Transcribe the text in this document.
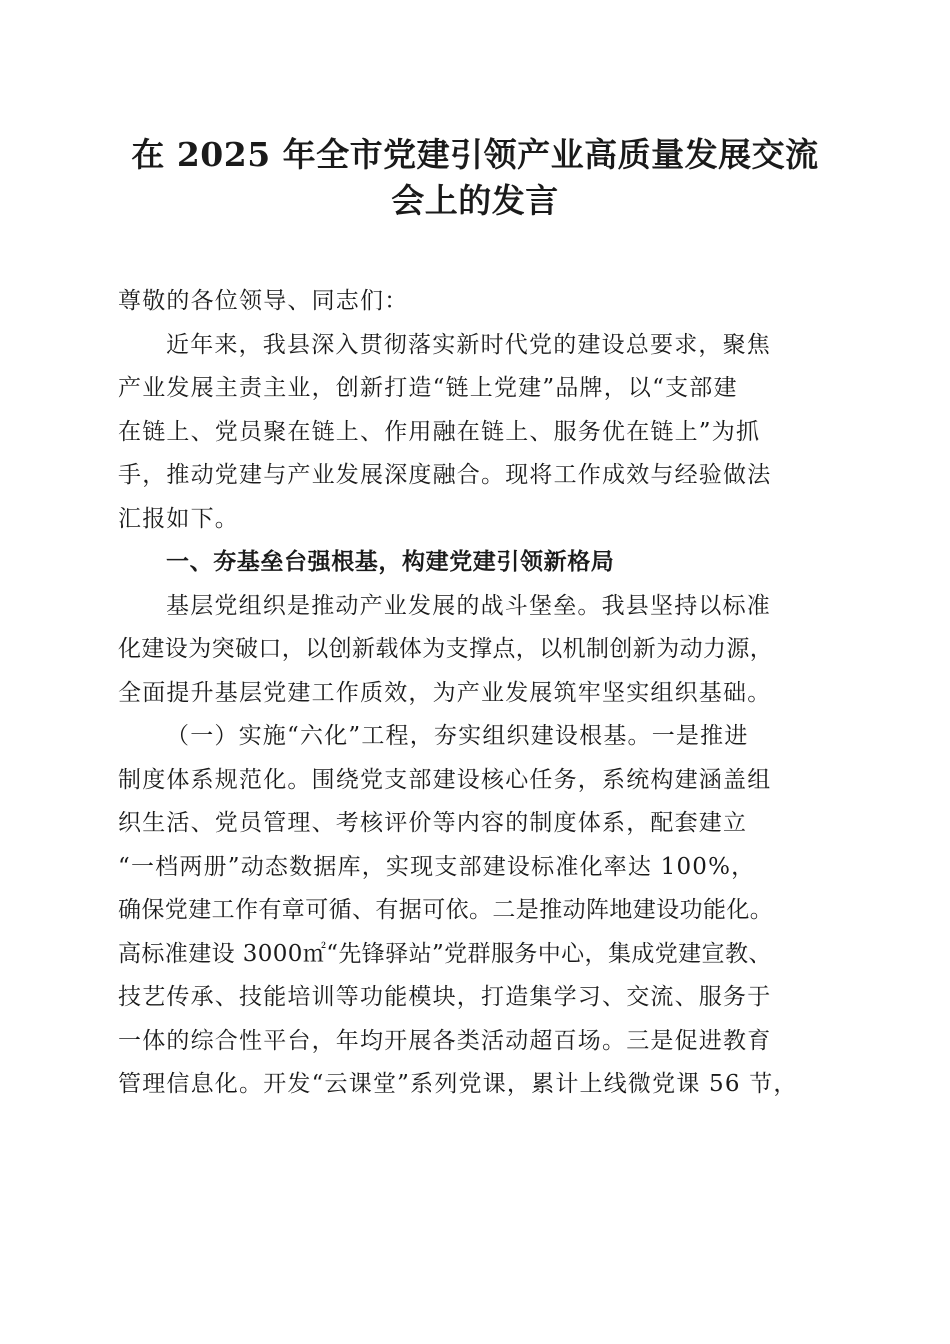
在 2025 年全市党建引领产业高质量发展交流
会上的发言
尊敬的各位领导、同志们：
近年来，我县深入贯彻落实新时代党的建设总要求，聚焦
产业发展主责主业，创新打造“链上党建”品牌，以“支部建
在链上、党员聚在链上、作用融在链上、服务优在链上”为抓
手，推动党建与产业发展深度融合。现将工作成效与经验做法
汇报如下。
一、夯基垒台强根基，构建党建引领新格局
基层党组织是推动产业发展的战斗堡垒。我县坚持以标准
化建设为突破口，以创新载体为支撑点，以机制创新为动力源，
全面提升基层党建工作质效，为产业发展筑牢坚实组织基础。
（一）实施“六化”工程，夯实组织建设根基。一是推进
制度体系规范化。围绕党支部建设核心任务，系统构建涵盖组
织生活、党员管理、考核评价等内容的制度体系，配套建立
“一档两册”动态数据库，实现支部建设标准化率达 100%，
确保党建工作有章可循、有据可依。二是推动阵地建设功能化。
高标准建设 3000㎡“先锋驿站”党群服务中心，集成党建宣教、
技艺传承、技能培训等功能模块，打造集学习、交流、服务于
一体的综合性平台，年均开展各类活动超百场。三是促进教育
管理信息化。开发“云课堂”系列党课，累计上线微党课 56 节，
